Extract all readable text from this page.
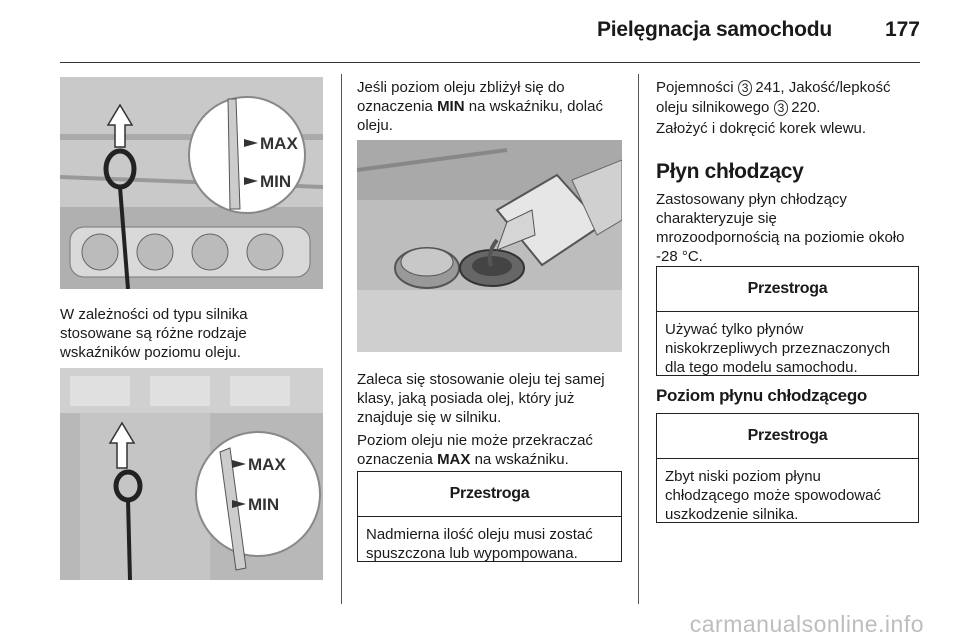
Pielęgnacja samochodu	177
MAX
MIN

W zależności od typu silnika
stosowane są różne rodzaje
wskaźników poziomu oleju.

MAX
MIN

Jeśli poziom oleju zbliżył się do
oznaczenia MIN na wskaźniku, dolać
oleju.

Zaleca się stosowanie oleju tej samej
klasy, jaką posiada olej, który już
znajduje się w silniku.

Poziom oleju nie może przekraczać
oznaczenia MAX na wskaźniku.

Przestroga
Nadmierna ilość oleju musi zostać
spuszczona lub wypompowana.

Pojemności 3 241, Jakość/lepkość
oleju silnikowego 3 220.

Założyć i dokręcić korek wlewu.

Płyn chłodzący

Zastosowany płyn chłodzący
charakteryzuje się
mrozoodpornością na poziomie około
-28 °C.

Przestroga
Używać tylko płynów
niskokrzepliwych przeznaczonych
dla tego modelu samochodu.
Poziom płynu chłodzącego
Przestroga
Zbyt niski poziom płynu
chłodzącego może spowodować
uszkodzenie silnika.
carmanualsonline.info
